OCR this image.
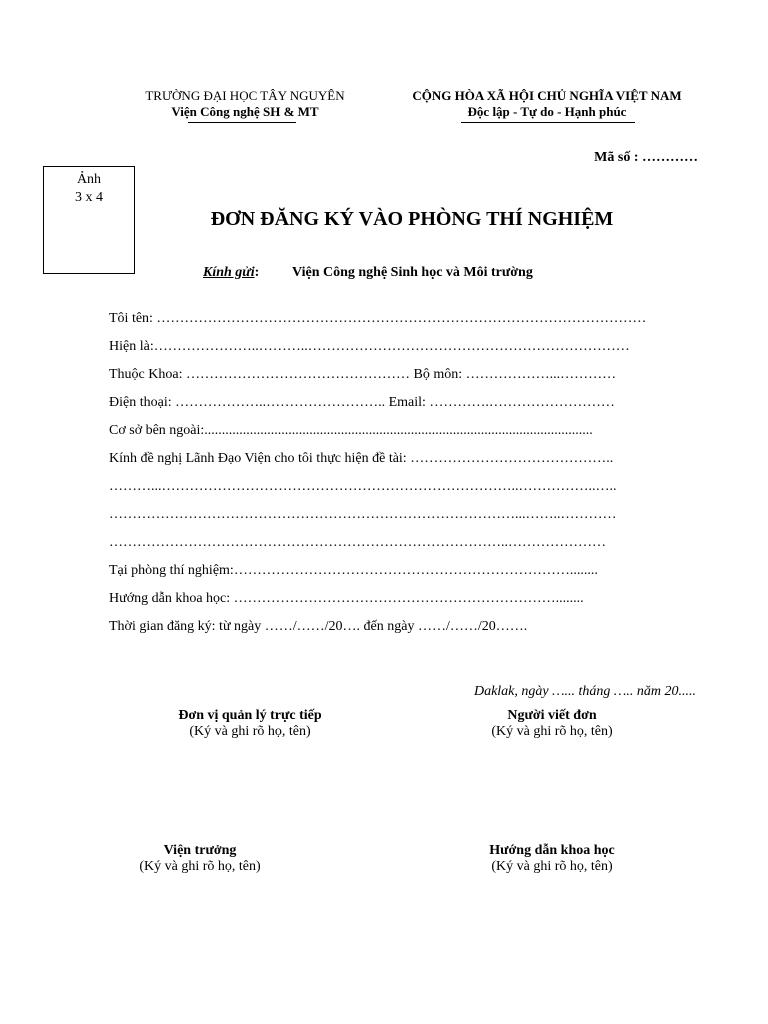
TRƯỜNG ĐẠI HỌC TÂY NGUYÊN
Viện Công nghệ SH & MT
CỘNG HÒA XÃ HỘI CHỦ NGHĨA VIỆT NAM
Độc lập - Tự do - Hạnh phúc
Mã số : …………
Ảnh
3 x 4
ĐƠN ĐĂNG KÝ VÀO PHÒNG THÍ NGHIỆM
Kính gửi: Viện Công nghệ Sinh học và Môi trường
Tôi tên: ……………………………………………………………………………………………
Hiện là:…………………..………..……………………………………………………………
Thuộc Khoa: ………………………………………… Bộ môn: ………………...…………
Điện thoại: ………………..…………………….. Email: ………….………………………
Cơ sở bên ngoài:...............................................................................................................
Kính đề nghị Lãnh Đạo Viện cho tôi thực hiện đề tài: ……………………………………..
………...…………………………………………………………………..……………..…..
……………………………………………………………………………...……..…………
…………………………………………………………………………..…………………
Tại phòng thí nghiệm:………………………………………………………………........
Hướng dẫn khoa học: ……………………………………………………………........
Thời gian đăng ký: từ ngày ……/……/20…. đến ngày ……/……/20…….
Daklak, ngày …... tháng ….. năm 20.....
Đơn vị quản lý trực tiếp
(Ký và ghi rõ họ, tên)
Người viết đơn
(Ký và ghi rõ họ, tên)
Viện trưởng
(Ký và ghi rõ họ, tên)
Hướng dẫn khoa học
(Ký và ghi rõ họ, tên)
